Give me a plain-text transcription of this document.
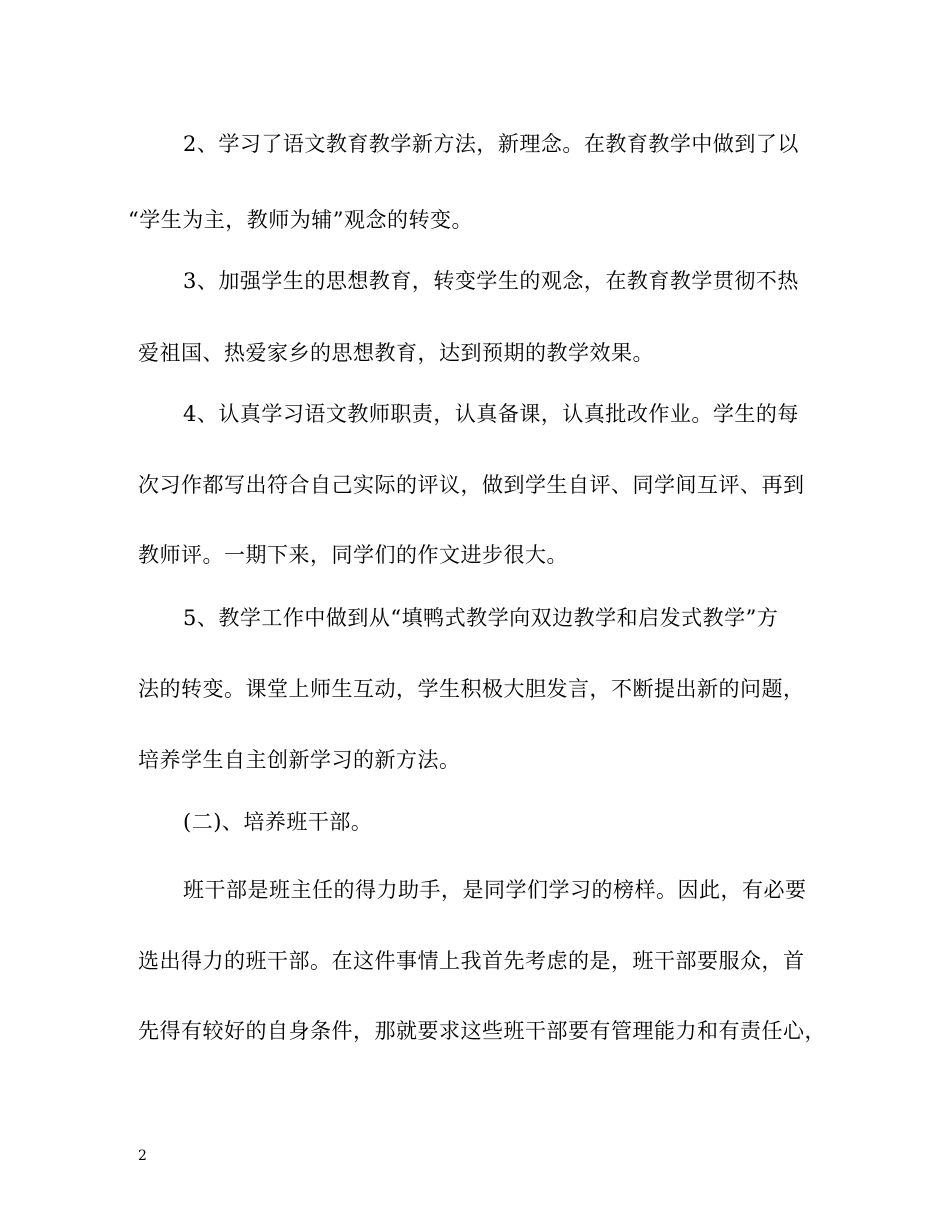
2、学习了语文教育教学新方法，新理念。在教育教学中做到了以
“学生为主，教师为辅”观念的转变。
3、加强学生的思想教育，转变学生的观念，在教育教学贯彻不热
爱祖国、热爱家乡的思想教育，达到预期的教学效果。
4、认真学习语文教师职责，认真备课，认真批改作业。学生的每
次习作都写出符合自己实际的评议，做到学生自评、同学间互评、再到
教师评。一期下来，同学们的作文进步很大。
5、教学工作中做到从“填鸭式教学向双边教学和启发式教学”方
法的转变。课堂上师生互动，学生积极大胆发言，不断提出新的问题，
培养学生自主创新学习的新方法。
(二)、培养班干部。
班干部是班主任的得力助手，是同学们学习的榜样。因此，有必要
选出得力的班干部。在这件事情上我首先考虑的是，班干部要服众，首
先得有较好的自身条件，那就要求这些班干部要有管理能力和有责任心，
2
